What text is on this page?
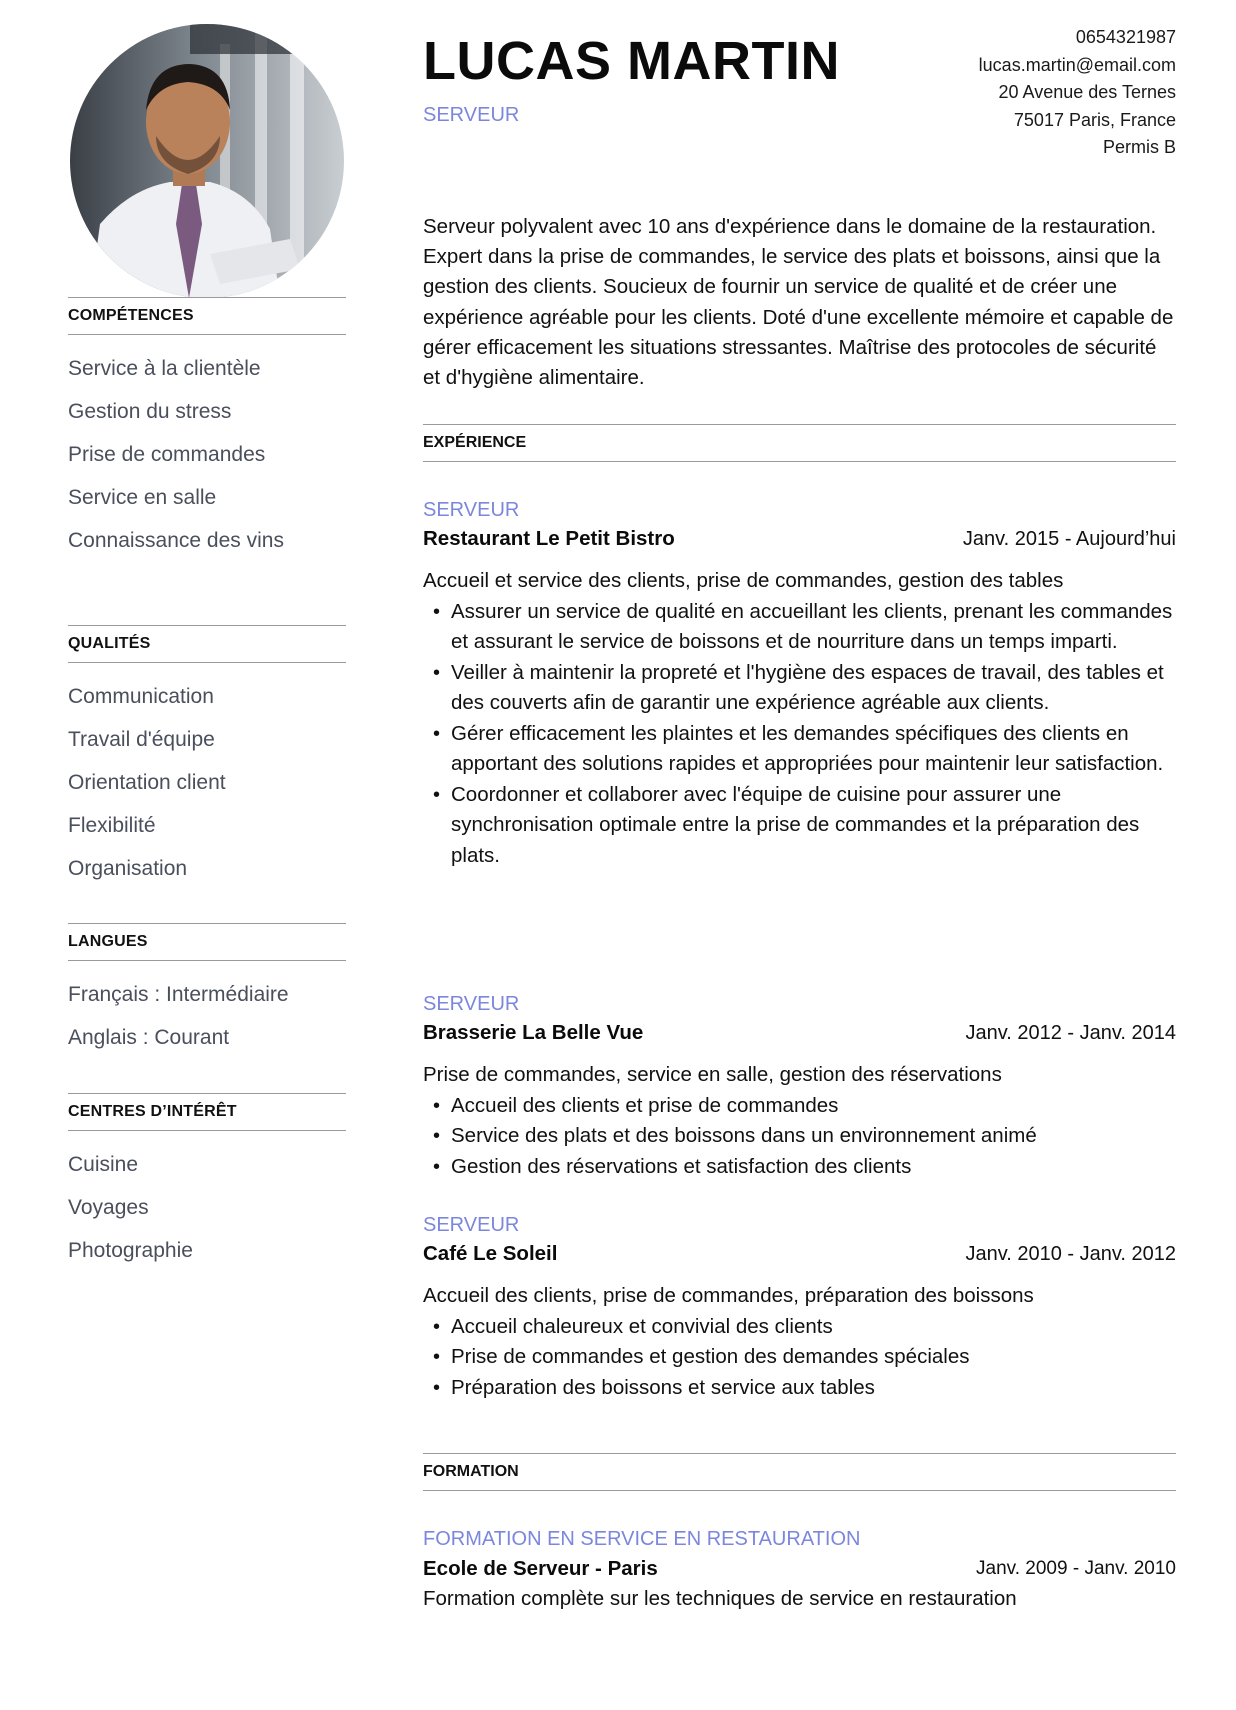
COMPÉTENCES
Service à la clientèle
Gestion du stress
Prise de commandes
Service en salle
Connaissance des vins
QUALITÉS
Communication
Travail d'équipe
Orientation client
Flexibilité
Organisation
LANGUES
Français : Intermédiaire
Anglais : Courant
CENTRES D’INTÉRÊT
Cuisine
Voyages
Photographie
LUCAS MARTIN
SERVEUR
0654321987
lucas.martin@email.com
20 Avenue des Ternes
75017 Paris, France
Permis B
Serveur polyvalent avec 10 ans d'expérience dans le domaine de la restauration. Expert dans la prise de commandes, le service des plats et boissons, ainsi que la gestion des clients. Soucieux de fournir un service de qualité et de créer une expérience agréable pour les clients. Doté d'une excellente mémoire et capable de gérer efficacement les situations stressantes. Maîtrise des protocoles de sécurité et d'hygiène alimentaire.
EXPÉRIENCE
SERVEUR
Restaurant Le Petit Bistro	Janv. 2015 - Aujourd’hui
Accueil et service des clients, prise de commandes, gestion des tables
• Assurer un service de qualité en accueillant les clients, prenant les commandes et assurant le service de boissons et de nourriture dans un temps imparti.
• Veiller à maintenir la propreté et l'hygiène des espaces de travail, des tables et des couverts afin de garantir une expérience agréable aux clients.
• Gérer efficacement les plaintes et les demandes spécifiques des clients en apportant des solutions rapides et appropriées pour maintenir leur satisfaction.
• Coordonner et collaborer avec l'équipe de cuisine pour assurer une synchronisation optimale entre la prise de commandes et la préparation des plats.
SERVEUR
Brasserie La Belle Vue	Janv. 2012 - Janv. 2014
Prise de commandes, service en salle, gestion des réservations
• Accueil des clients et prise de commandes
• Service des plats et des boissons dans un environnement animé
• Gestion des réservations et satisfaction des clients
SERVEUR
Café Le Soleil	Janv. 2010 - Janv. 2012
Accueil des clients, prise de commandes, préparation des boissons
• Accueil chaleureux et convivial des clients
• Prise de commandes et gestion des demandes spéciales
• Préparation des boissons et service aux tables
FORMATION
FORMATION EN SERVICE EN RESTAURATION
Ecole de Serveur - Paris	Janv. 2009 - Janv. 2010
Formation complète sur les techniques de service en restauration
